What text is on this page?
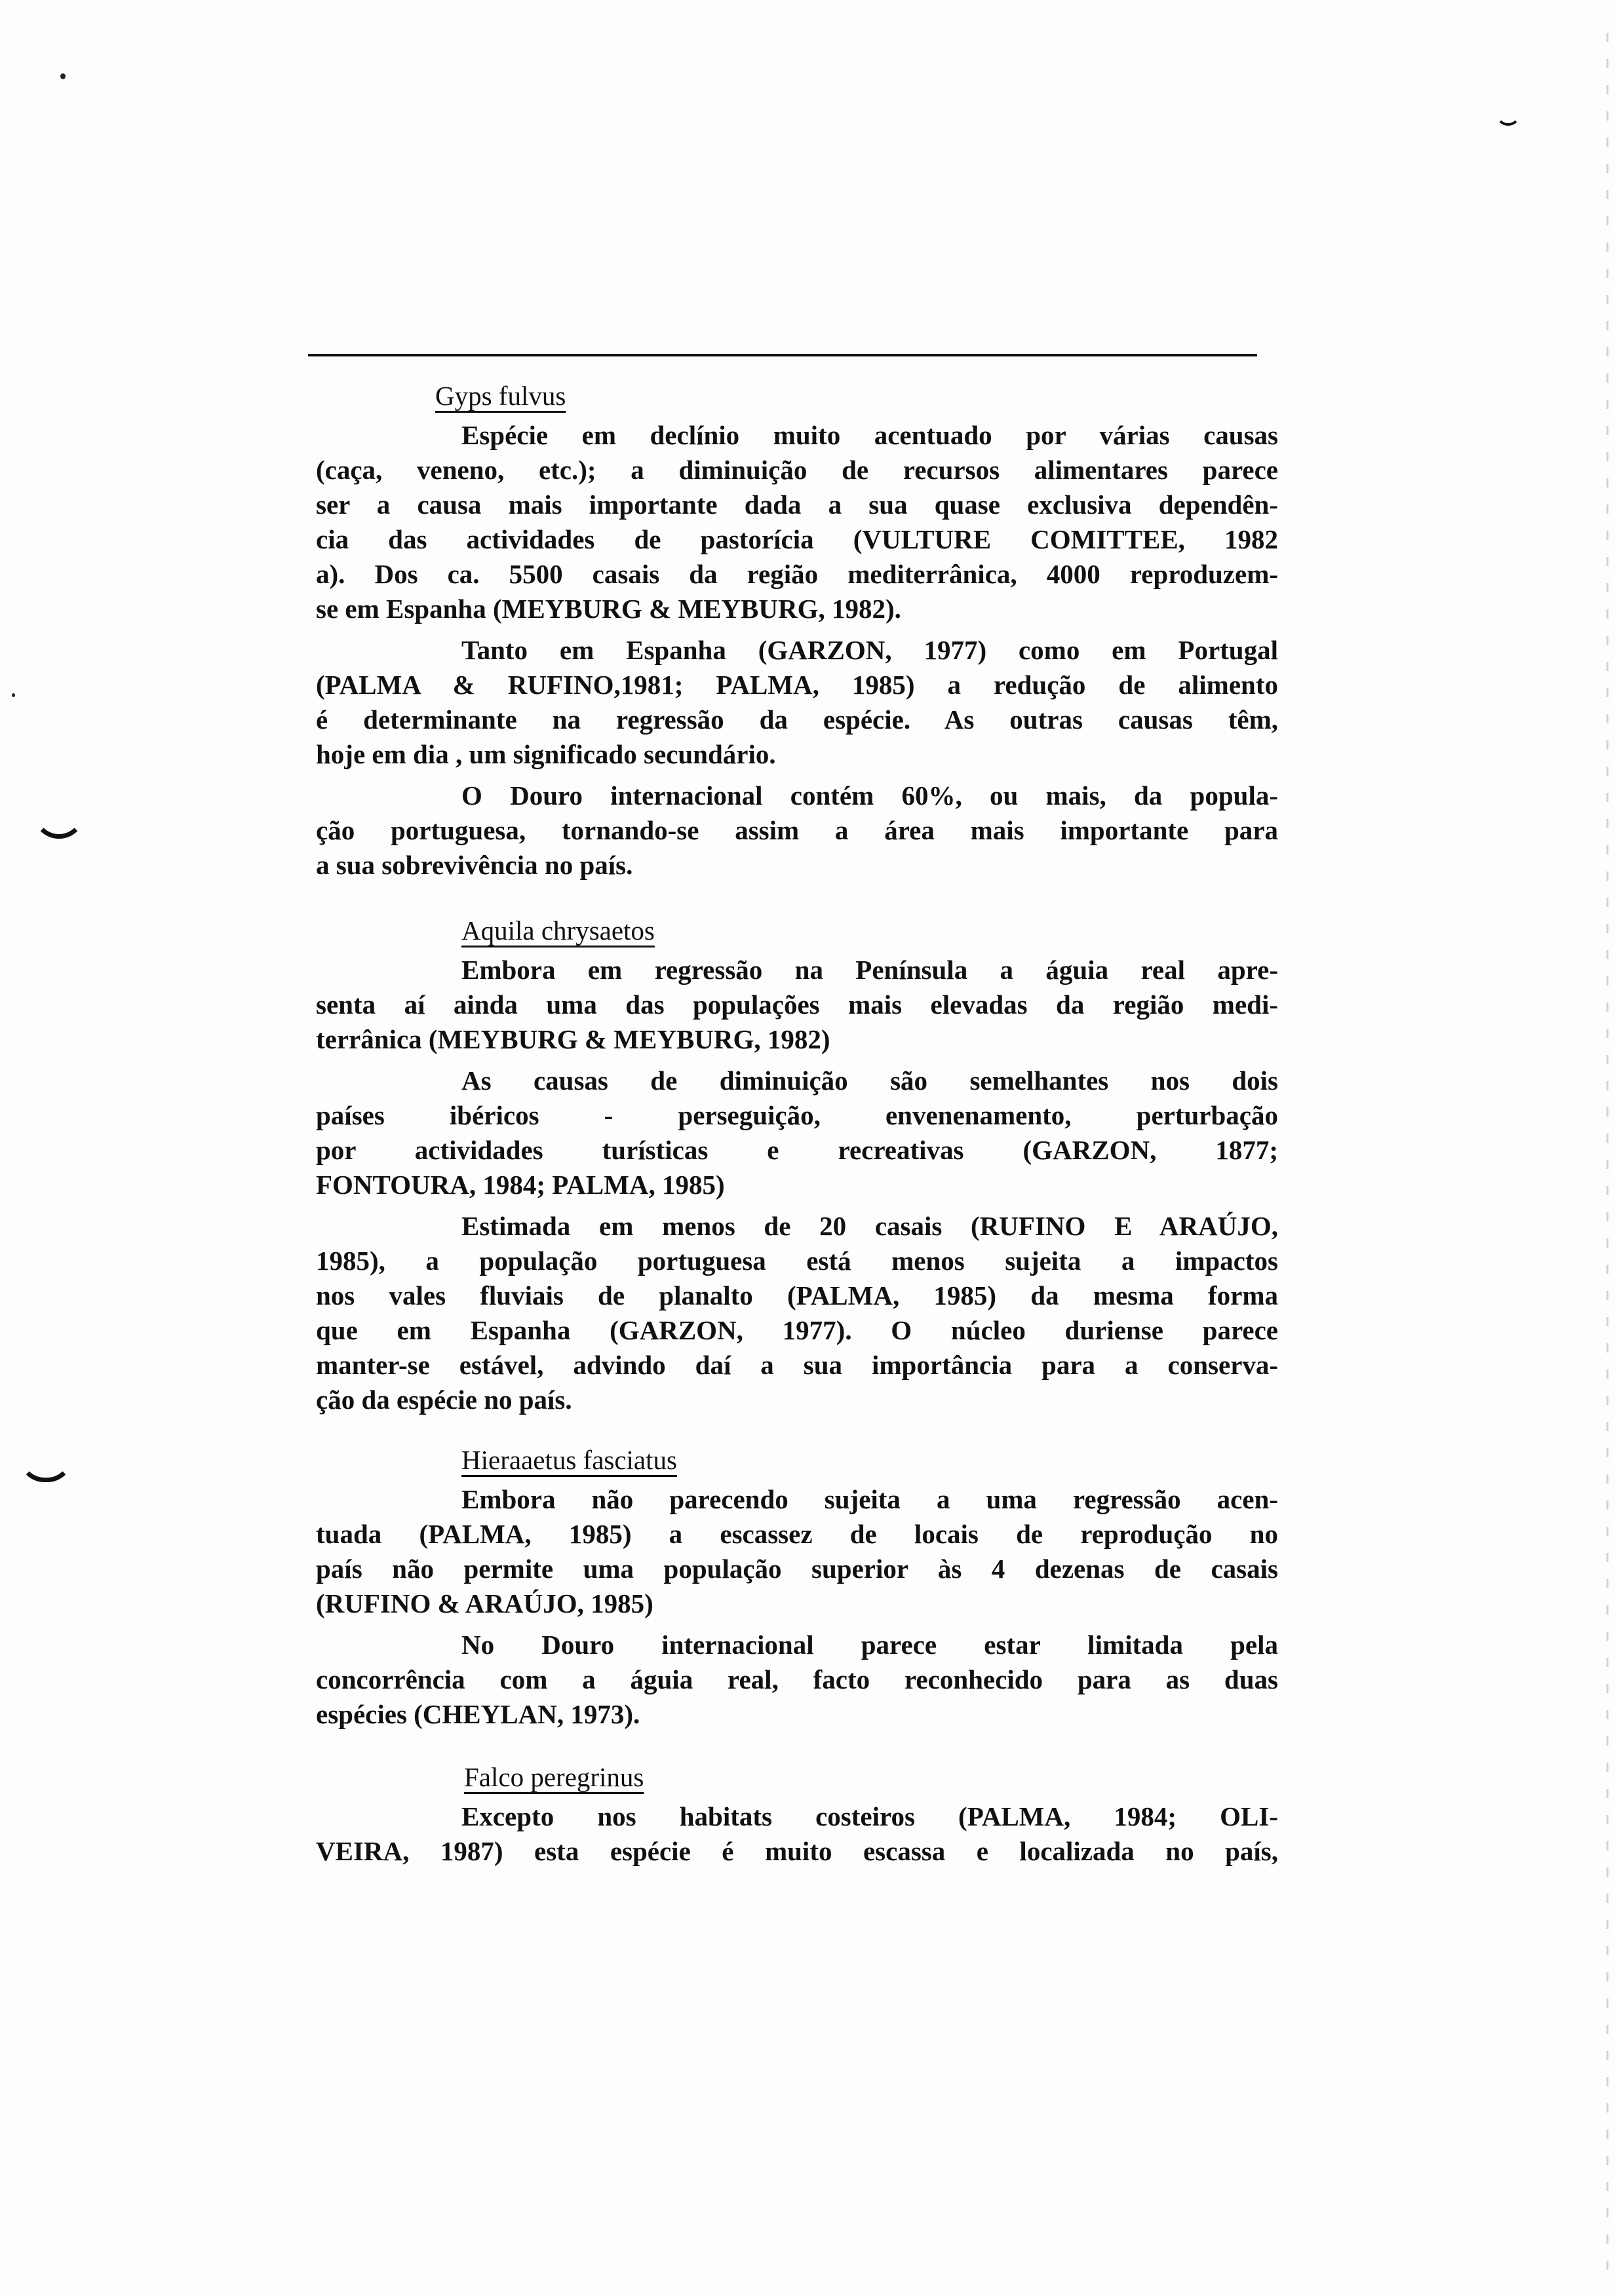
Gyps fulvus
Espécie em declínio muito acentuado por várias causas
(caça, veneno, etc.); a diminuição de recursos alimentares parece
ser a causa mais importante dada a sua quase exclusiva dependên-
cia das actividades de pastorícia (VULTURE COMITTEE, 1982
a). Dos ca. 5500 casais da região mediterrânica, 4000 reproduzem-
se em Espanha (MEYBURG & MEYBURG, 1982).
Tanto em Espanha (GARZON, 1977) como em Portugal
(PALMA & RUFINO,1981; PALMA, 1985) a redução de alimento
é determinante na regressão da espécie. As outras causas têm,
hoje em dia , um significado secundário.
O Douro internacional contém 60%, ou mais, da popula-
ção portuguesa, tornando-se assim a área mais importante para
a sua sobrevivência no país.
Aquila chrysaetos
Embora em regressão na Península a águia real apre-
senta aí ainda uma das populações mais elevadas da região medi-
terrânica (MEYBURG & MEYBURG, 1982)
As causas de diminuição são semelhantes nos dois
países ibéricos - perseguição, envenenamento, perturbação
por actividades turísticas e recreativas (GARZON, 1877;
FONTOURA, 1984; PALMA, 1985)
Estimada em menos de 20 casais (RUFINO E ARAÚJO,
1985), a população portuguesa está menos sujeita a impactos
nos vales fluviais de planalto (PALMA, 1985) da mesma forma
que em Espanha (GARZON, 1977). O núcleo duriense parece
manter-se estável, advindo daí a sua importância para a conserva-
ção da espécie no país.
Hieraaetus fasciatus
Embora não parecendo sujeita a uma regressão acen-
tuada (PALMA, 1985) a escassez de locais de reprodução no
país não permite uma população superior às 4 dezenas de casais
(RUFINO & ARAÚJO, 1985)
No Douro internacional parece estar limitada pela
concorrência com a águia real, facto reconhecido para as duas
espécies (CHEYLAN, 1973).
Falco peregrinus
Excepto nos habitats costeiros (PALMA, 1984; OLI-
VEIRA, 1987) esta espécie é muito escassa e localizada no país,
